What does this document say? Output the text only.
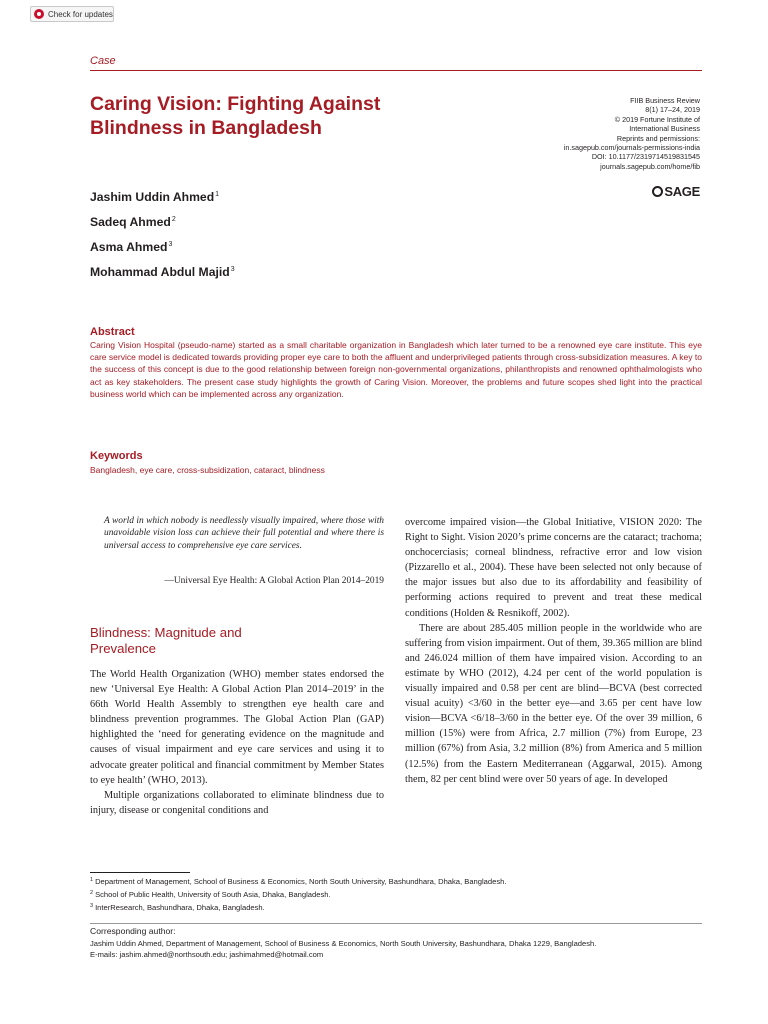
Check for updates
Case
Caring Vision: Fighting Against
Blindness in Bangladesh
FIIB Business Review
8(1) 17–24, 2019
© 2019 Fortune Institute of
International Business
Reprints and permissions:
in.sagepub.com/journals-permissions-india
DOI: 10.1177/2319714519831545
journals.sagepub.com/home/fib
SAGE
Jashim Uddin Ahmed$^1$
Sadeq Ahmed$^2$
Asma Ahmed$^3$
Mohammad Abdul Majid$^3$
Abstract
Caring Vision Hospital (pseudo-name) started as a small charitable organization in Bangladesh which later turned to be a renowned eye care institute. This eye care service model is dedicated towards providing proper eye care to both the affluent and underprivileged patients through cross-subsidization measures. A key to the success of this concept is due to the good relationship between foreign non-governmental organizations, philanthropists and renowned ophthalmologists who act as key stakeholders. The present case study highlights the growth of Caring Vision. Moreover, the problems and future scopes shed light into the practical business world which can be implemented across any organization.
Keywords
Bangladesh, eye care, cross-subsidization, cataract, blindness
A world in which nobody is needlessly visually impaired, where those with unavoidable vision loss can achieve their full potential and where there is universal access to comprehensive eye care services.
—Universal Eye Health: A Global Action Plan 2014–2019
Blindness: Magnitude and Prevalence

The World Health Organization (WHO) member states endorsed the new ‘Universal Eye Health: A Global Action Plan 2014–2019’ in the 66th World Health Assembly to strengthen eye health care and blindness prevention programmes. The Global Action Plan (GAP) highlighted the ‘need for generating evidence on the magnitude and causes of visual impairment and eye care services and using it to advocate greater political and financial commitment by Member States to eye health’ (WHO, 2013).

Multiple organizations collaborated to eliminate blindness due to injury, disease or congenital conditions and

overcome impaired vision—the Global Initiative, VISION 2020: The Right to Sight. Vision 2020’s prime concerns are the cataract; trachoma; onchocerciasis; corneal blindness, refractive error and low vision (Pizzarello et al., 2004). These have been selected not only because of the major issues but also due to its affordability and feasibility of performing actions required to prevent and treat these medical conditions (Holden & Resnikoff, 2002).

There are about 285.405 million people in the worldwide who are suffering from vision impairment. Out of them, 39.365 million are blind and 246.024 million of them have impaired vision. According to an estimate by WHO (2012), 4.24 per cent of the world population is visually impaired and 0.58 per cent are blind—BCVA (best corrected visual acuity) <3/60 in the better eye—and 3.65 per cent have low vision—BCVA <6/18–3/60 in the better eye. Of the over 39 million, 6 million (15%) were from Africa, 2.7 million (7%) from Europe, 23 million (67%) from Asia, 3.2 million (8%) from America and 5 million (12.5%) from the Eastern Mediterranean (Aggarwal, 2015). Among them, 82 per cent blind were over 50 years of age. In developed

$^1$ Department of Management, School of Business & Economics, North South University, Bashundhara, Dhaka, Bangladesh.
$^2$ School of Public Health, University of South Asia, Dhaka, Bangladesh.
$^3$ InterResearch, Bashundhara, Dhaka, Bangladesh.
Corresponding author:
Jashim Uddin Ahmed, Department of Management, School of Business & Economics, North South University, Bashundhara, Dhaka 1229, Bangladesh.
E-mails: jashim.ahmed@northsouth.edu; jashimahmed@hotmail.com
